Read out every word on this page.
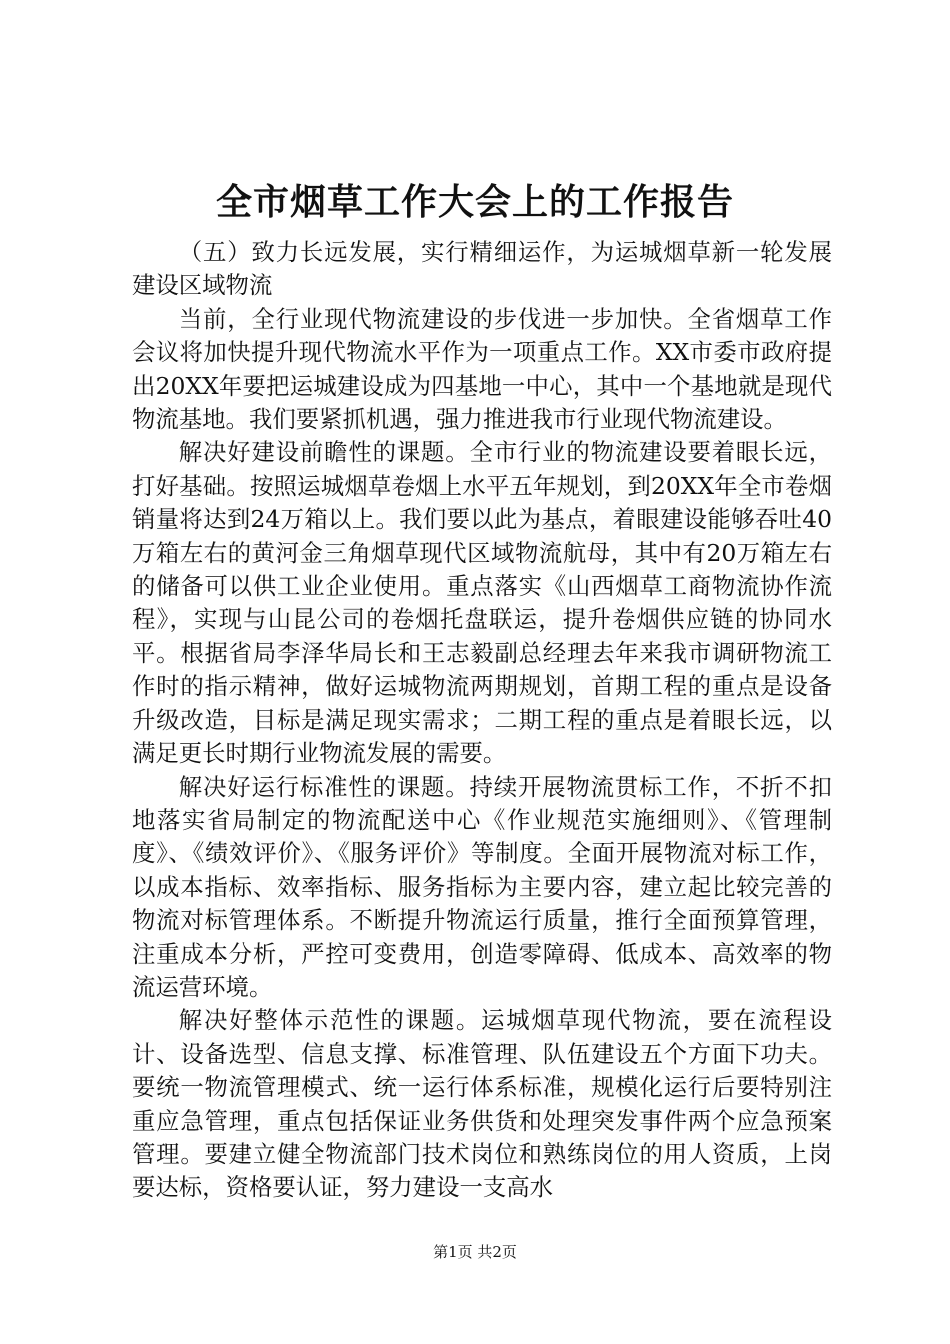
全市烟草工作大会上的工作报告

（五）致力长远发展，实行精细运作，为运城烟草新一轮发展建设区域物流

当前，全行业现代物流建设的步伐进一步加快。全省烟草工作会议将加快提升现代物流水平作为一项重点工作。XX市委市政府提出20XX年要把运城建设成为四基地一中心，其中一个基地就是现代物流基地。我们要紧抓机遇，强力推进我市行业现代物流建设。

解决好建设前瞻性的课题。全市行业的物流建设要着眼长远，打好基础。按照运城烟草卷烟上水平五年规划，到20XX年全市卷烟销量将达到24万箱以上。我们要以此为基点，着眼建设能够吞吐40万箱左右的黄河金三角烟草现代区域物流航母，其中有20万箱左右的储备可以供工业企业使用。重点落实《山西烟草工商物流协作流程》，实现与山昆公司的卷烟托盘联运，提升卷烟供应链的协同水平。根据省局李泽华局长和王志毅副总经理去年来我市调研物流工作时的指示精神，做好运城物流两期规划，首期工程的重点是设备升级改造，目标是满足现实需求；二期工程的重点是着眼长远，以满足更长时期行业物流发展的需要。

解决好运行标准性的课题。持续开展物流贯标工作，不折不扣地落实省局制定的物流配送中心《作业规范实施细则》、《管理制度》、《绩效评价》、《服务评价》等制度。全面开展物流对标工作，以成本指标、效率指标、服务指标为主要内容，建立起比较完善的物流对标管理体系。不断提升物流运行质量，推行全面预算管理，注重成本分析，严控可变费用，创造零障碍、低成本、高效率的物流运营环境。

解决好整体示范性的课题。运城烟草现代物流，要在流程设计、设备选型、信息支撑、标准管理、队伍建设五个方面下功夫。要统一物流管理模式、统一运行体系标准，规模化运行后要特别注重应急管理，重点包括保证业务供货和处理突发事件两个应急预案管理。要建立健全物流部门技术岗位和熟练岗位的用人资质，上岗要达标，资格要认证，努力建设一支高水

第1页 共2页
